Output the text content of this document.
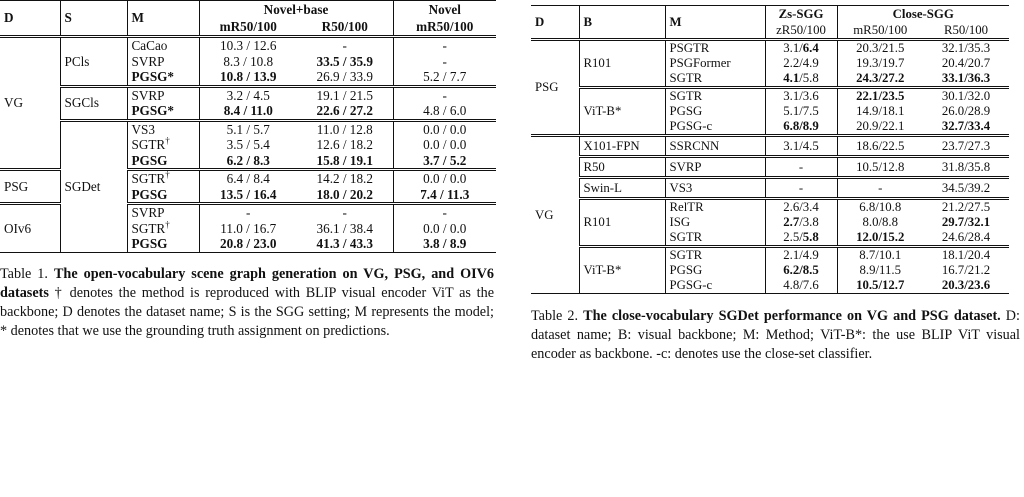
D	S	M	Novel+base		Novel
			mR50/100	R50/100	mR50/100
VG	PCls	CaCao	10.3 / 12.6	-	-
		SVRP	8.3 / 10.8	33.5 / 35.9	-
		PGSG*	10.8 / 13.9	26.9 / 33.9	5.2 / 7.7
	SGCls	SVRP	3.2 / 4.5	19.1 / 21.5	-
		PGSG*	8.4 / 11.0	22.6 / 27.2	4.8 / 6.0
	SGDet	VS3	5.1 / 5.7	11.0 / 12.8	0.0 / 0.0
		SGTR†	3.5 / 5.4	12.6 / 18.2	0.0 / 0.0
		PGSG	6.2 / 8.3	15.8 / 19.1	3.7 / 5.2
PSG		SGTR†	6.4 / 8.4	14.2 / 18.2	0.0 / 0.0
		PGSG	13.5 / 16.4	18.0 / 20.2	7.4 / 11.3
OIv6		SVRP	-	-	-
		SGTR†	11.0 / 16.7	36.1 / 38.4	0.0 / 0.0
		PGSG	20.8 / 23.0	41.3 / 43.3	3.8 / 8.9
Table 1. The open-vocabulary scene graph generation on VG, PSG, and OIV6 datasets † denotes the method is reproduced with BLIP visual encoder ViT as the backbone; D denotes the dataset name; S is the SGG setting; M represents the model; * denotes that we use the grounding truth assignment on predictions.
D	B	M	Zs-SGG	Close-SGG	
			zR50/100	mR50/100	R50/100
PSG	R101	PSGTR	3.1/6.4	20.3/21.5	32.1/35.3
		PSGFormer	2.2/4.9	19.3/19.7	20.4/20.7
		SGTR	4.1/5.8	24.3/27.2	33.1/36.3
	ViT-B*	SGTR	3.1/3.6	22.1/23.5	30.1/32.0
		PGSG	5.1/7.5	14.9/18.1	26.0/28.9
		PGSG-c	6.8/8.9	20.9/22.1	32.7/33.4
VG	X101-FPN	SSRCNN	3.1/4.5	18.6/22.5	23.7/27.3
	R50	SVRP	-	10.5/12.8	31.8/35.8
	Swin-L	VS3	-	-	34.5/39.2
	R101	RelTR	2.6/3.4	6.8/10.8	21.2/27.5
		ISG	2.7/3.8	8.0/8.8	29.7/32.1
		SGTR	2.5/5.8	12.0/15.2	24.6/28.4
	ViT-B*	SGTR	2.1/4.9	8.7/10.1	18.1/20.4
		PGSG	6.2/8.5	8.9/11.5	16.7/21.2
		PGSG-c	4.8/7.6	10.5/12.7	20.3/23.6
Table 2. The close-vocabulary SGDet performance on VG and PSG dataset. D: dataset name; B: visual backbone; M: Method; ViT-B*: the use BLIP ViT visual encoder as backbone. -c: denotes use the close-set classifier.
